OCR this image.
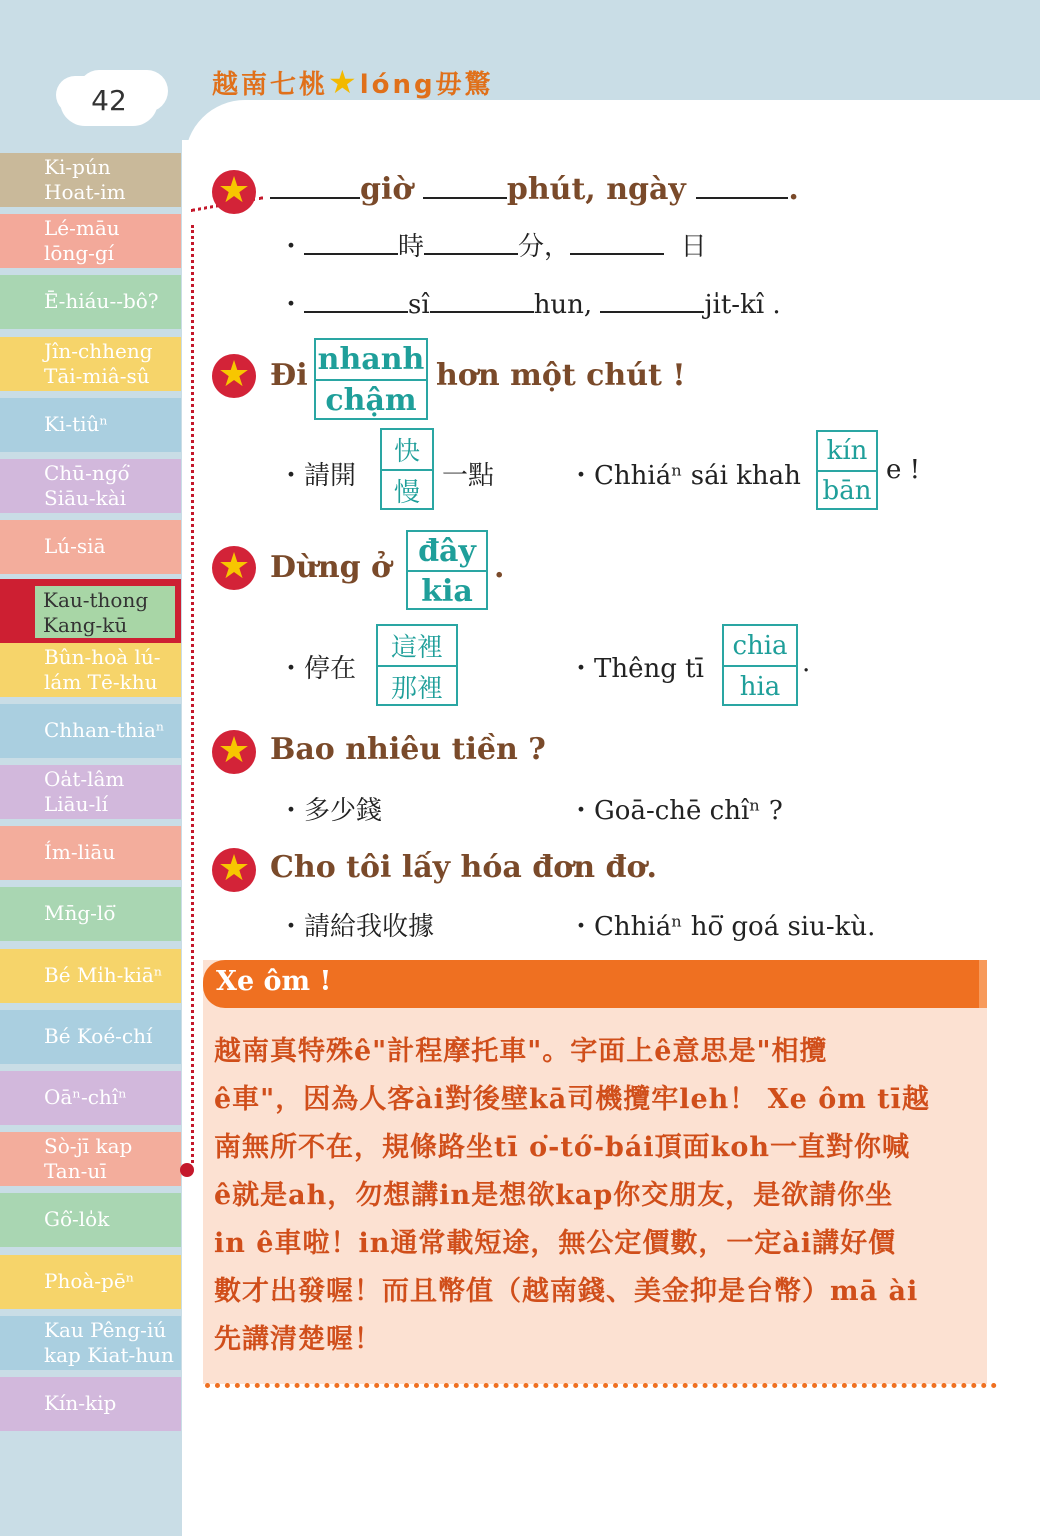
42	越南七桃★lóng毋驚
Ki-pún
Hoat-im
Lé-māu
lōng-gí
Ē-hiáu--bô?
Jîn-chheng
Tāi-miâ-sû
Ki-tiûⁿ
Chū-ngó͘
Siāu-kài
Lú-siā
Kau-thong
Kang-kū
Bûn-hoà lú-
lám Tē-khu
Chhan-thiaⁿ
Oa̍t-lâm
Liāu-lí
Ím-liāu
Mn̄g-lō͘
Bé Mi̍h-kiāⁿ
Bé Koé-chí
Oāⁿ-chîⁿ
Sò-jī kap
Tan-uī
Gô͘-lo̍k
Phoà-pēⁿ
Kau Pêng-iú
kap Kiat-hun
Kín-kip
★	giờ	phút, ngày	.
・	時	分，	日
・	sî	hun,	ji̍t-kî .
★ Đi nhanh
chậm
hơn một chút !
・請開
快
慢
一點	・Chhiáⁿ sái khah
kín
bān
e !
★ Dừng ở đây
kia
.
・停在
這裡
那裡
・Thêng tī
chia
hia
.
★ Bao nhiêu tiền ?
・多少錢	・Goā-chē chîⁿ ?
★ Cho tôi lấy hóa đơn đơ.
・請給我收據	・Chhiáⁿ hō͘ goá siu-kù.
Xe ôm !
越南真特殊ê"計程摩托車"。字面上ê意思是"相攬
ê車"，因為人客ài對後壁kā司機攬牢leh！ Xe ôm tī越
南無所不在，規條路坐tī o͘-tó͘-bái頂面koh一直對你喊
ê就是ah，勿想講in是想欲kap你交朋友，是欲請你坐
in ê車啦！in通常載短途，無公定價數，一定ài講好價
數才出發喔！而且幣值（越南錢、美金抑是台幣）mā ài
先講清楚喔！
